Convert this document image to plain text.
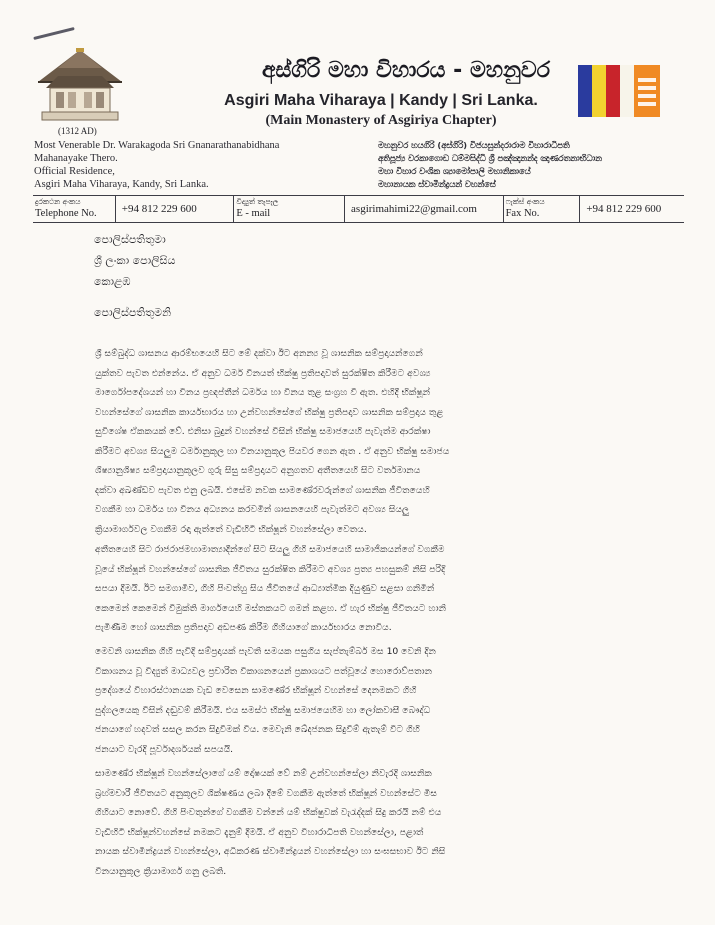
(1312 AD)
අස්ගිරි මහා විහාරය - මහනුවර
Asgiri Maha Viharaya | Kandy | Sri Lanka.
(Main Monastery of Asgiriya Chapter)
Most Venerable Dr. Warakagoda Sri Gnanarathanabidhana
Mahanayake Thero.
Official Residence,
Asgiri Maha Viharaya, Kandy, Sri Lanka.
මහනුවර හයගිරි (අස්ගිරි) විජයසුන්දරාරාම විහාරාධිපති
අතිපූජ්‍ය වරකාගොඩ ධම්මසිද්ධි ශ්‍රී පඤ්ඤානන්ද ඤාණරතනාභිධාන
මහා විහාර වංශික ශ්‍යාමෝපාලි මහානිකායේ
මහානායක ස්වාමීන්ද්‍රයන් වහන්සේ
දුරකථන අංකය
Telephone No. +94 812 229 600
විද්‍යුත් තැපෑල
E - mail	asgirimahimi22@gmail.com
ෆැක්ස් අංකය
Fax No.	+94 812 229 600
පොලිස්පතිතුමා
ශ්‍රී ලංකා පොලිසිය
කොළඹ
පොලිස්පතිතුමනි
ශ්‍රී සම්බුද්ධ ශාසනය ආරම්භයෙහි සිට මේ දක්වා ඊට අනන්‍ය වූ ශාසනික සම්ප්‍රදායන්ගෙන්
යුක්තව පැවත එන්නේය. ඒ අනුව ධර්ම විනයත් භික්ෂු ප්‍රතිපදාවත් සුරක්ෂිත කිරීමට අවශ්‍ය
මාර්ගෝපදේශයන් හා විනය ප්‍රඥප්තීන් ධර්මය හා විනය තුළ සංග්‍රහ වී ඇත. එහිදී භික්ෂූන්
වහන්සේගේ ශාසනික කාර්යභාරය හා උන්වහන්සේගේ භික්ෂු ප්‍රතිපදාව ශාසනික සම්ප්‍රදාය තුළ
සුවිශේෂ ඒකකයක් වේ. එනිසා බුදුන් වහන්සේ විසින් භික්ෂු සමාජයෙහි පැවැත්ම ආරක්ෂා
කිරීමට අවශ්‍ය සියලුම ධර්මානුකූල හා විනයානුකූල පියවර ගෙන ඇත . ඒ අනුව භික්ෂු සමාජය
ශිෂ්‍යානුශිෂ්‍ය සම්ප්‍රදායානුකූලව ගුරු සිසු සම්ප්‍රදායට අනුගතව අතීතයෙහි සිට වර්තමානය
දක්වා අඛණ්ඩව පැවත එනු ලබයි. එසේම නවක සාමණේරවරුන්ගේ ශාසනික ජීවිතයෙහි
වගකීම හා ධර්මය හා විනය අධ්‍යනය කරවමින් ශාසනයෙහි පැවැත්මට අවශ්‍ය සියලු
ක්‍රියාමාර්ගවල වගකීම රඳා ඇත්තේ වැඩිහිටි භික්ෂූන් වහන්සේලා වෙතය.
අතීතයෙහි සිට රාජරාජමහාමාත්‍යාදීන්ගේ සිට සියලු ගිහි සමාජයෙහි සාමාජිකයන්ගේ වගකීම
වූයේ භික්ෂූන් වහන්සේගේ ශාසනික ජීවිතය සුරක්ෂිත කිරීමට අවශ්‍ය ප්‍රත්‍ය පහසුකම් නිසි පරිදි
සපයා දීමයි. ඊට සමගාමීව, ගිහි පිංවත්හු සිය ජීවිතයේ ආධ්‍යාත්මික දියුණුව සළසා ගනිමින්
කෙමෙන් කෙමෙන් විමුක්ති මාර්ගයෙහි මස්තකයට ගමන් කළහ. ඒ හැර භික්ෂු ජීවිතයට හානි
පැමිණීම හෝ ශාසනික ප්‍රතිපදාව අඩපණ කිරීම ගිහියාගේ කාර්යභාරය නොවිය.
මෙවනි ශාසනික ගිහි පැවිදි සම්ප්‍රදායක් පැවති සමයක පසුගිය සැප්තැම්බර් මස 10 වෙනි දින
විකාශනය වූ විද්‍යුත් මාධ්‍යවල ප්‍රචාරිත විකාශනයෙන් ප්‍රකාශයට පත්වූයේ හොරොව්පතාන
ප්‍රදේශයේ විහාරස්ථානයක වැඩ වෙසෙන සාමණේර භික්ෂූන් වහන්සේ දෙනමකට ගිහි
පුද්ගලයෙකු විසින් දඬුවම් කිරීමයි. එය සමස්ථ භික්ෂු සමාජයෙහිම හා ලෝකවාසී බෞද්ධ
ජනයාගේ හදවත් සසල කරන සිදුවීමක් විය. මෙවැනි ඛේදජනක සිදුවීම් ඇතැම් විට ගිහි
ජනයාට වැරදි පූර්වාදර්ශයක් සපයයි.
සාමණේර භික්ෂූන් වහන්සේලාගේ යම් දෝෂයක් වේ නම් උන්වහන්සේලා නිවැරදි ශාසනික
බ්‍රහ්මචාරී ජීවිතයට අනුකූලව ශික්ෂණය ලබා දීමේ වගකීම ඇත්තේ භික්ෂූන් වහන්සේට මිස
ගිහියාට නොවේ. ගිහි පිංවතුන්ගේ වගකීම වන්නේ යම් භික්ෂුවක් වැරැද්දක් සිදු කරයි නම් එය
වැඩිහිටි භික්ෂූන්වහන්සේ නමකට දැනුම් දීමයි. ඒ අනුව විහාරාධිපති වහන්සේලා, පළාත්
නායක ස්වාමීන්ද්‍රයන් වහන්සේලා, අධිකරණ ස්වාමීන්ද්‍රයන් වහන්සේලා හා සංඝසභාව ඊට නිසි
විනයානුකූල ක්‍රියාමාර්ග ගනු ලබති.
